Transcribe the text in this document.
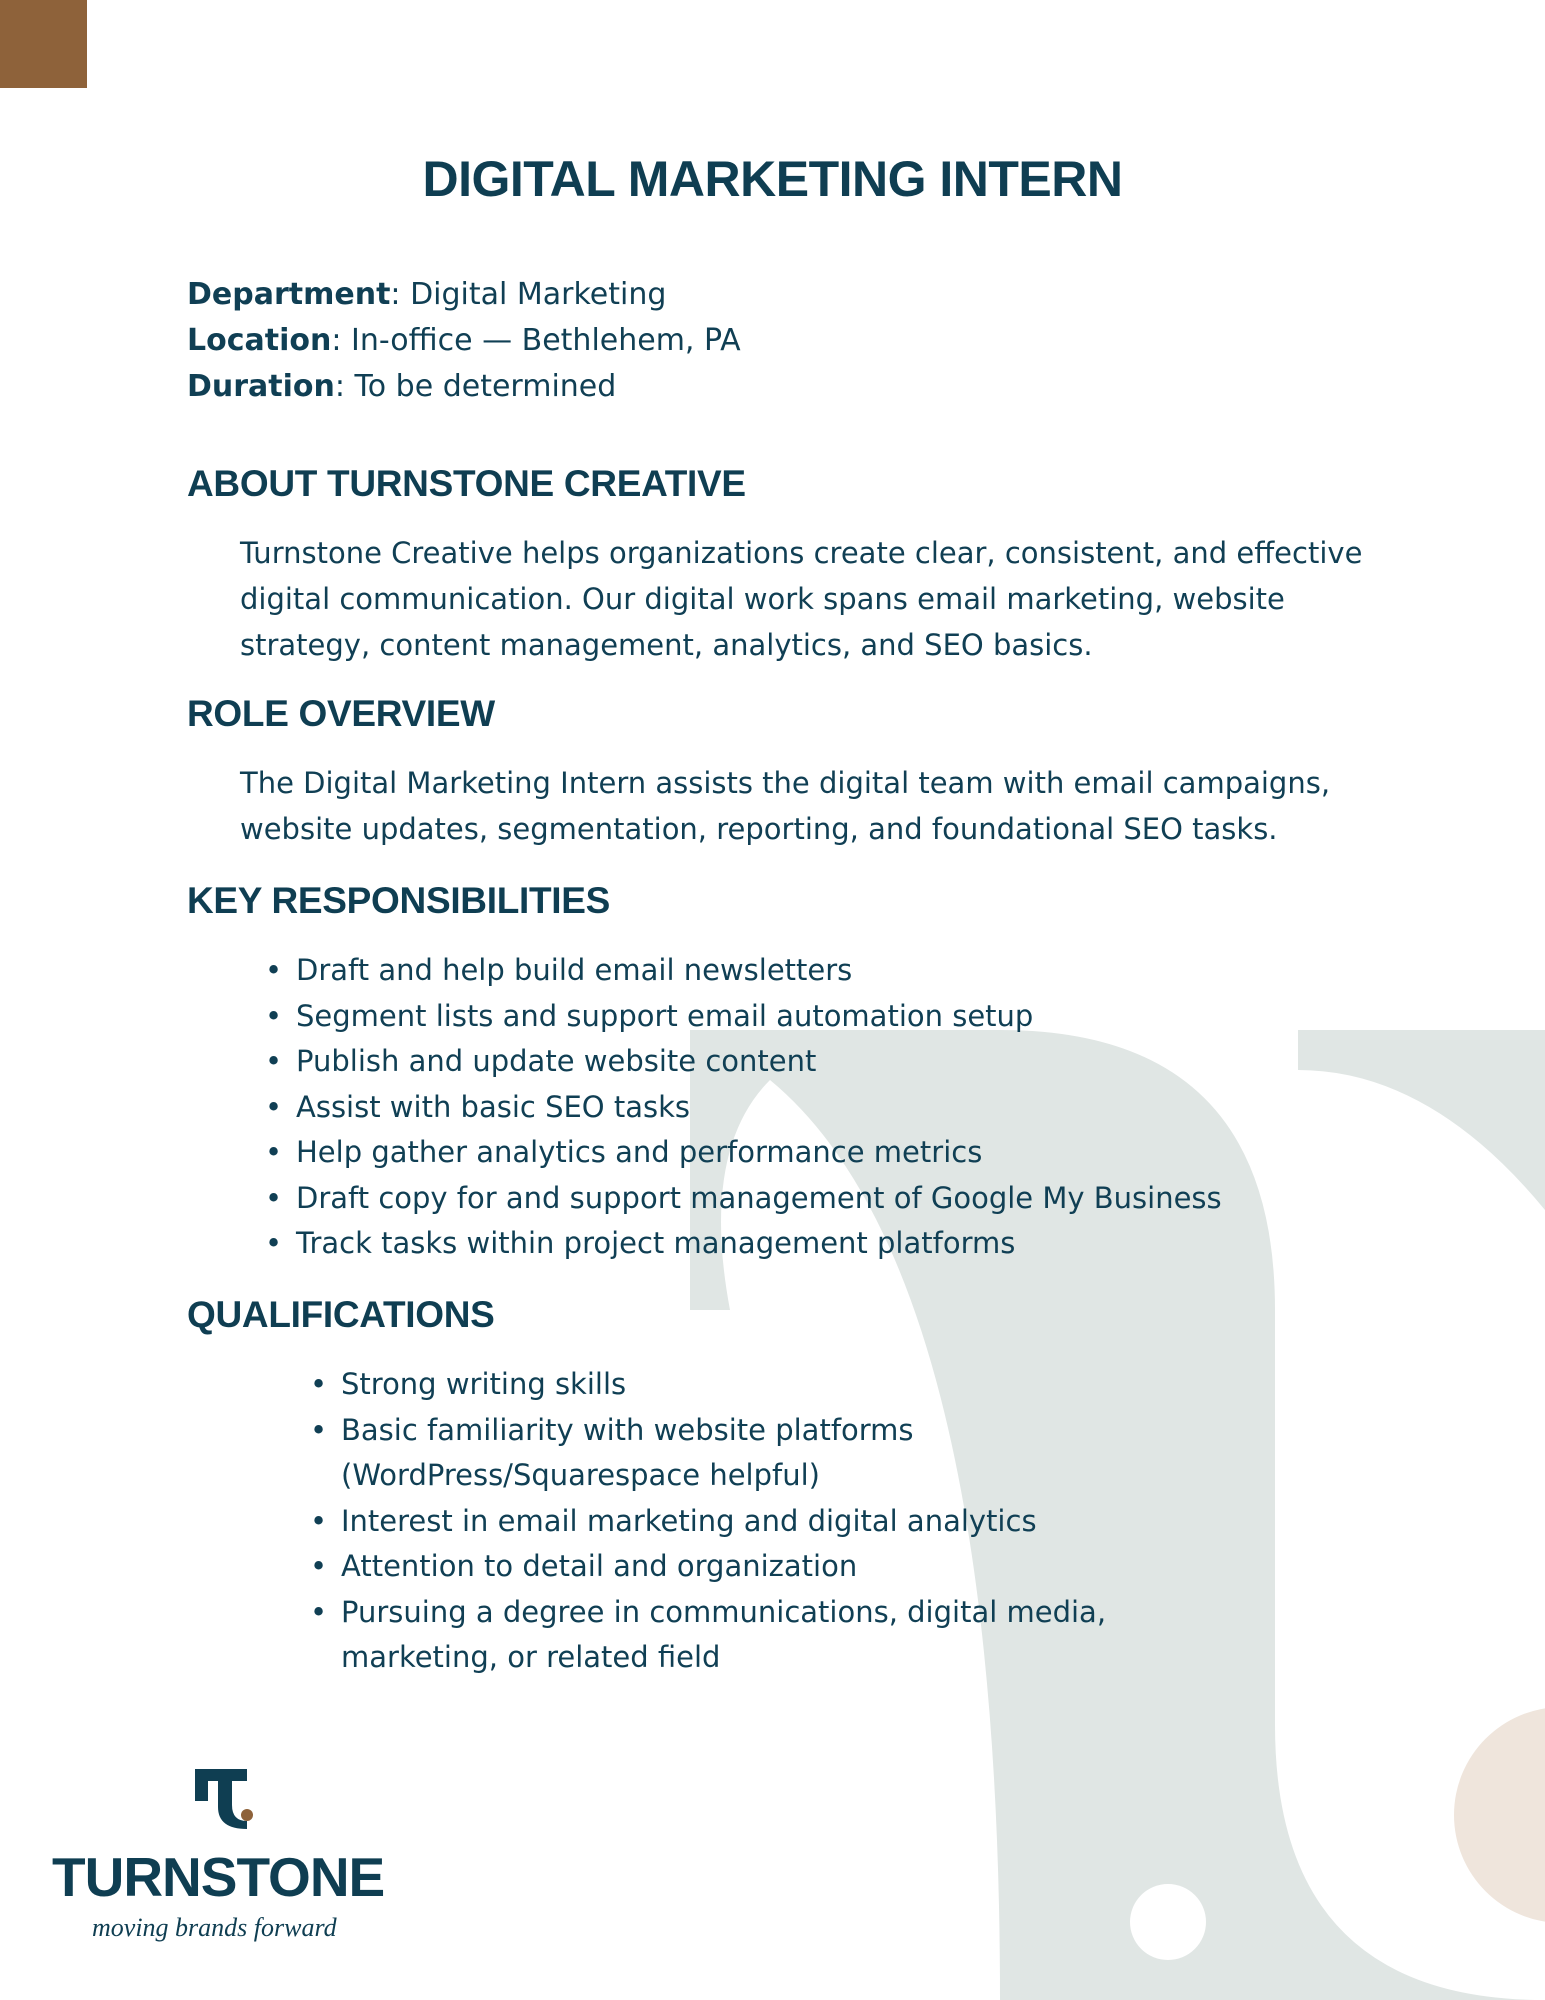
DIGITAL MARKETING INTERN
Department: Digital Marketing
Location: In-office — Bethlehem, PA
Duration: To be determined
ABOUT TURNSTONE CREATIVE
Turnstone Creative helps organizations create clear, consistent, and effective
digital communication. Our digital work spans email marketing, website
strategy, content management, analytics, and SEO basics.
ROLE OVERVIEW
The Digital Marketing Intern assists the digital team with email campaigns,
website updates, segmentation, reporting, and foundational SEO tasks.
KEY RESPONSIBILITIES
• Draft and help build email newsletters
• Segment lists and support email automation setup
• Publish and update website content
• Assist with basic SEO tasks
• Help gather analytics and performance metrics
• Draft copy for and support management of Google My Business
• Track tasks within project management platforms
QUALIFICATIONS
• Strong writing skills
• Basic familiarity with website platforms
(WordPress/Squarespace helpful)
• Interest in email marketing and digital analytics
• Attention to detail and organization
• Pursuing a degree in communications, digital media,
marketing, or related field
TURNSTONE
moving brands forward
